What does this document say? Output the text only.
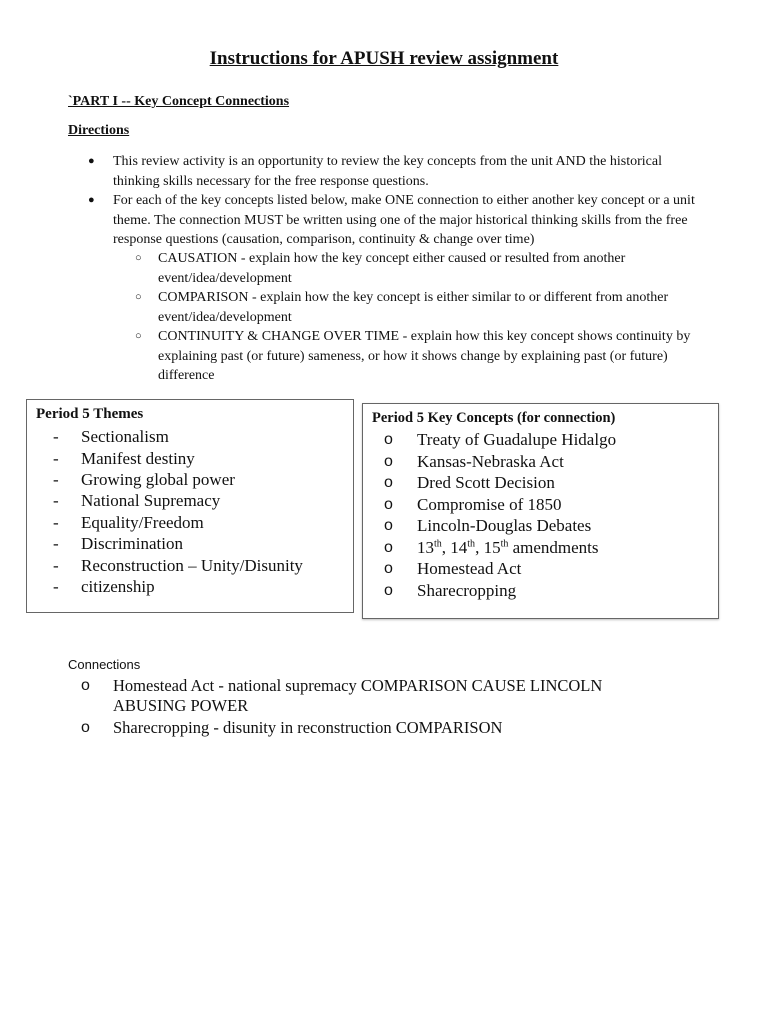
Instructions for APUSH review assignment
`PART I -- Key Concept Connections
Directions
● This review activity is an opportunity to review the key concepts from the unit AND the historical thinking skills necessary for the free response questions.
● For each of the key concepts listed below, make ONE connection to either another key concept or a unit theme. The connection MUST be written using one of the major historical thinking skills from the free response questions (causation, comparison, continuity & change over time)
○ CAUSATION - explain how the key concept either caused or resulted from another event/idea/development
○ COMPARISON - explain how the key concept is either similar to or different from another event/idea/development
○ CONTINUITY & CHANGE OVER TIME - explain how this key concept shows continuity by explaining past (or future) sameness, or how it shows change by explaining past (or future) difference
Period 5 Themes
- Sectionalism
- Manifest destiny
- Growing global power
- National Supremacy
- Equality/Freedom
- Discrimination
- Reconstruction – Unity/Disunity
- citizenship
Period 5 Key Concepts (for connection)
o Treaty of Guadalupe Hidalgo
o Kansas-Nebraska Act
o Dred Scott Decision
o Compromise of 1850
o Lincoln-Douglas Debates
o 13th, 14th, 15th amendments
o Homestead Act
o Sharecropping
Connections
o Homestead Act - national supremacy COMPARISON CAUSE LINCOLN ABUSING POWER
o Sharecropping - disunity in reconstruction COMPARISON
